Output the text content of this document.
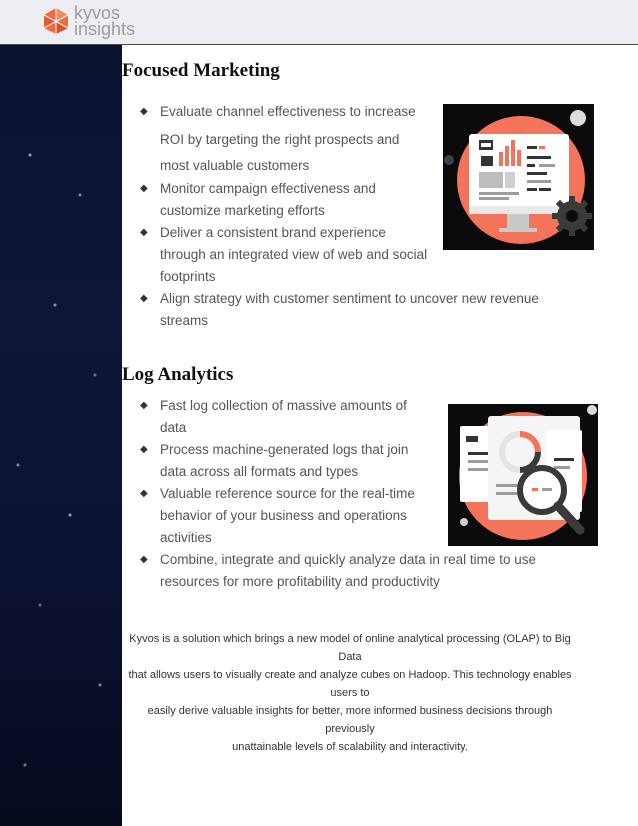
kyvos
insights
Focused Marketing
◆ Evaluate channel effectiveness to increase
ROI by targeting the right prospects and
most valuable customers
◆ Monitor campaign effectiveness and
customize marketing efforts
◆ Deliver a consistent brand experience
through an integrated view of web and social
footprints
◆ Align strategy with customer sentiment to uncover new revenue
streams
Log Analytics
◆ Fast log collection of massive amounts of
data
◆ Process machine-generated logs that join
data across all formats and types
◆ Valuable reference source for the real-time
behavior of your business and operations
activities
◆ Combine, integrate and quickly analyze data in real time to use
resources for more profitability and productivity
Kyvos is a solution which brings a new model of online analytical processing (OLAP) to Big Data
that allows users to visually create and analyze cubes on Hadoop. This technology enables users to
easily derive valuable insights for better, more informed business decisions through previously
unattainable levels of scalability and interactivity.
